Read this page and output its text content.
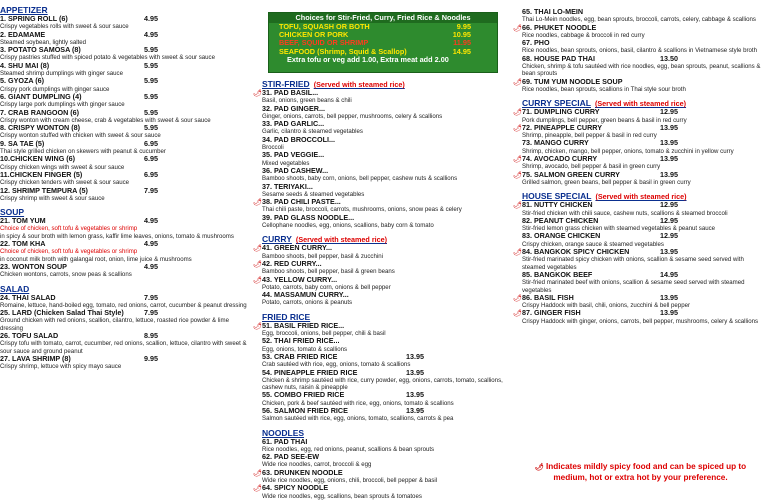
Choices for Stir-Fried, Curry, Fried Rice & Noodles
TOFU, SQUASH OR BOTH	9.95
CHICKEN OR PORK	10.95
BEEF, SQUID OR SHRIMP	11.95
SEAFOOD (Shrimp, Squid & Scallop)	14.95
Extra tofu or veg add 1.00, Extra meat add 2.00
APPETIZER
1. SPRING ROLL (6)	4.95
Crispy vegetables rolls with sweet & sour sauce
2. EDAMAME	4.95
Steamed soybean, lightly salted
3. POTATO SAMOSA (8)	5.95
Crispy pastries stuffed with spiced potato & vegetables with sweet & sour sauce
4. SHU MAI (8)	5.95
Steamed shrimp dumplings with ginger sauce
5. GYOZA (6)	5.95
Crispy pork dumplings with ginger sauce
6. GIANT DUMPLING (4)	5.95
Crispy large pork dumplings with ginger sauce
7. CRAB RANGOON (6)	5.95
Crispy wonton with cream cheese, crab & vegetables with sweet & sour sauce
8. CRISPY WONTON (8)	5.95
Crispy wonton stuffed with chicken with sweet & sour sauce
9. SA TAE (5)	6.95
Thai style grilled chicken on skewers with peanut & cucumber
10.CHICKEN WING (6)	6.95
Crispy chicken wings with sweet & sour sauce
11.CHICKEN FINGER (5)	6.95
Crispy chicken tenders with sweet & sour sauce
12. SHRIMP TEMPURA (5)	7.95
Crispy shrimp with sweet & sour sauce
SOUP
21. TOM YUM	4.95
Choice of chicken, soft tofu & vegetables or shrimp
in spicy & sour broth with lemon grass, kaffir lime leaves, onions, tomato & mushrooms
22. TOM KHA	4.95
Choice of chicken, soft tofu & vegetables or shrimp
in coconut milk broth with galangal root, onion, lime juice & mushrooms
23. WONTON SOUP	4.95
Chicken wontons, carrots, snow peas & scallions
SALAD
24. THAI SALAD	7.95
Romaine, lettuce, hand-boiled egg, tomato, red onions, carrot, cucumber & peanut dressing
25. LARD (Chicken Salad Thai Style)	7.95
Ground chicken with red onions, scallion, cilantro, lettuce, roasted rice powder & lime dressing
26. TOFU SALAD	8.95
Crispy tofu with tomato, carrot, cucumber, red onions, scallion, lettuce, cilantro with sweet & sour sauce and ground peanut
27. LAVA SHRIMP (8)	9.95
Crispy shrimp, lettuce with spicy mayo sauce
STIR-FRIED (Served with steamed rice)
🌶 31. PAD BASIL...
Basil, onions, green beans & chili
32. PAD GINGER...
Ginger, onions, carrots, bell pepper, mushrooms, celery & scallions
33. PAD GARLIC...
Garlic, cilantro & steamed vegetables
34. PAD BROCCOLI...
Broccoli
35. PAD VEGGIE...
Mixed vegetables
36. PAD CASHEW...
Bamboo shoots, baby corn, onions, bell pepper, cashew nuts & scallions
37. TERIYAKI...
Sesame seeds & steamed vegetables
🌶 38. PAD CHILI PASTE...
Thai chili paste, broccoli, carrots, mushrooms, onions, snow peas & celery
39. PAD GLASS NOODLE...
Cellophane noodles, egg, onions, scallions, baby corn & tomato
CURRY (Served with steamed rice)
🌶 41. GREEN CURRY...
Bamboo shoots, bell pepper, basil & zucchini
🌶 42. RED CURRY...
Bamboo shoots, bell pepper, basil & green beans
🌶 43. YELLOW CURRY...
Potato, carrots, baby corn, onions & bell pepper
44. MASSAMUN CURRY...
Potato, carrots, onions & peanuts
FRIED RICE
🌶 51. BASIL FRIED RICE...
Egg, broccoli, onions, bell pepper, chili & basil
52. THAI FRIED RICE...
Egg, onions, tomato & scallions
53. CRAB FRIED RICE	13.95
Crab sautéed with rice, egg, onions, tomato & scallions
54. PINEAPPLE FRIED RICE	13.95
Chicken & shrimp sautéed with rice, curry powder, egg, onions, carrots, tomato, scallions, cashew nuts, raisin & pineapple
55. COMBO FRIED RICE	13.95
Chicken, pork & beef sautéed with rice, egg, onions, tomato & scallions
56. SALMON FRIED RICE	13.95
Salmon sautéed with rice, egg, onions, tomato, scallions, carrots & pea
NOODLES
61. PAD THAI
Rice noodles, egg, red onions, peanut, scallions & bean sprouts
62. PAD SEE-EW
Wide rice noodles, carrot, broccoli & egg
🌶 63. DRUNKEN NOODLE
Wide rice noodles, egg, onions, chili, broccoli, bell pepper & basil
🌶 64. SPICY NOODLE
Wide rice noodles, egg, scallions, bean sprouts & tomatoes
65. THAI LO-MEIN
Thai Lo-Mein noodles, egg, bean sprouts, broccoli, carrots, celery, cabbage & scallions
🌶 66. PHUKET NOODLE
Rice noodles, cabbage & broccoli in red curry
67. PHO
Rice noodles, bean sprouts, onions, basil, cilantro & scallions in Vietnamese style broth
68. HOUSE PAD THAI	13.50
Chicken, shrimp & tofu sautéed with rice noodles, egg, bean sprouts, peanut, scallions & bean sprouts
🌶 69. TUM YUM NOODLE SOUP
Rice noodles, bean sprouts, scallions in Thai style sour broth
CURRY SPECIAL (Served with steamed rice)
🌶 71. DUMPLING CURRY	12.95
Pork dumplings, bell pepper, green beans & basil in red curry
🌶 72. PINEAPPLE CURRY	13.95
Shrimp, pineapple, bell pepper & basil in red curry
73. MANGO CURRY	13.95
Shrimp, chicken, mango, bell pepper, onions, tomato & zucchini in yellow curry
🌶 74. AVOCADO CURRY	13.95
Shrimp, avocado, bell pepper & basil in green curry
🌶 75. SALMON GREEN CURRY	13.95
Grilled salmon, green beans, bell pepper & basil in green curry
HOUSE SPECIAL (Served with steamed rice)
🌶 81. NUTTY CHICKEN	12.95
Stir-fried chicken with chili sauce, cashew nuts, scallions & steamed broccoli
82. PEANUT CHICKEN	12.95
Stir-fried lemon grass chicken with steamed vegetables & peanut sauce
83. ORANGE CHICKEN	12.95
Crispy chicken, orange sauce & steamed vegetables
🌶 84. BANGKOK SPICY CHICKEN	13.95
Stir-fried marinated spicy chicken with onions, scallion & sesame seed served with steamed vegetables
85. BANGKOK BEEF	14.95
Stir-fried marinated beef with onions, scallion & sesame seed served with steamed vegetables
🌶 86. BASIL FISH	13.95
Crispy Haddock with basil, chili, onions, zucchini & bell pepper
🌶 87. GINGER FISH	13.95
Crispy Haddock with ginger, onions, carrots, bell pepper, mushrooms, celery & scallions
🌶 Indicates mildly spicy food and can be spiced up to medium, hot or extra hot by your preference.
